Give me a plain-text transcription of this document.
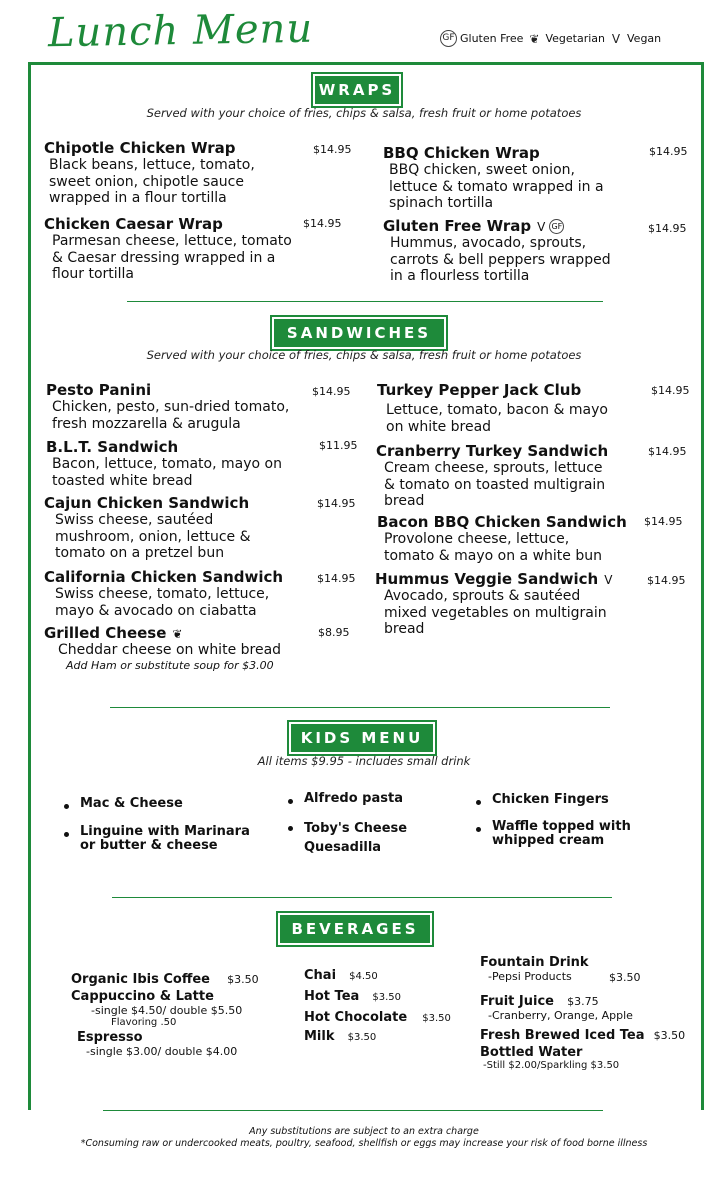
Lunch Menu	GF Gluten Free ❦ Vegetarian V Vegan
WRAPS
Served with your choice of fries, chips & salsa, fresh fruit or home potatoes
Chipotle Chicken Wrap	$14.95
Black beans, lettuce, tomato,
sweet onion, chipotle sauce
wrapped in a flour tortilla
Chicken Caesar Wrap	$14.95
Parmesan cheese, lettuce, tomato
& Caesar dressing wrapped in a
flour tortilla
BBQ Chicken Wrap	$14.95
BBQ chicken, sweet onion,
lettuce & tomato wrapped in a
spinach tortilla
Gluten Free Wrap V GF	$14.95
Hummus, avocado, sprouts,
carrots & bell peppers wrapped
in a flourless tortilla
SANDWICHES
Served with your choice of fries, chips & salsa, fresh fruit or home potatoes
Pesto Panini	$14.95
Chicken, pesto, sun-dried tomato,
fresh mozzarella & arugula
B.L.T. Sandwich	$11.95
Bacon, lettuce, tomato, mayo on
toasted white bread
Cajun Chicken Sandwich	$14.95
Swiss cheese, sautéed
mushroom, onion, lettuce &
tomato on a pretzel bun
California Chicken Sandwich	$14.95
Swiss cheese, tomato, lettuce,
mayo & avocado on ciabatta
Grilled Cheese ❦	$8.95
Cheddar cheese on white bread
Add Ham or substitute soup for $3.00
Turkey Pepper Jack Club	$14.95
Lettuce, tomato, bacon & mayo
on white bread
Cranberry Turkey Sandwich	$14.95
Cream cheese, sprouts, lettuce
& tomato on toasted multigrain
bread
Bacon BBQ Chicken Sandwich	$14.95
Provolone cheese, lettuce,
tomato & mayo on a white bun
Hummus Veggie Sandwich V	$14.95
Avocado, sprouts & sautéed
mixed vegetables on multigrain
bread
KIDS MENU
All items $9.95 - includes small drink
Mac & Cheese
Linguine with Marinara
or butter & cheese
Alfredo pasta
Toby's Cheese
Quesadilla
Chicken Fingers
Waffle topped with
whipped cream
BEVERAGES
Organic Ibis Coffee $3.50
Cappuccino & Latte
-single $4.50/ double $5.50
Flavoring .50
Espresso
-single $3.00/ double $4.00
Chai $4.50
Hot Tea $3.50
Hot Chocolate $3.50
Milk $3.50
Fountain Drink
-Pepsi Products	$3.50
Fruit Juice $3.75
-Cranberry, Orange, Apple
Fresh Brewed Iced Tea $3.50
Bottled Water
-Still $2.00/Sparkling $3.50
Any substitutions are subject to an extra charge
*Consuming raw or undercooked meats, poultry, seafood, shellfish or eggs may increase your risk of food borne illness
